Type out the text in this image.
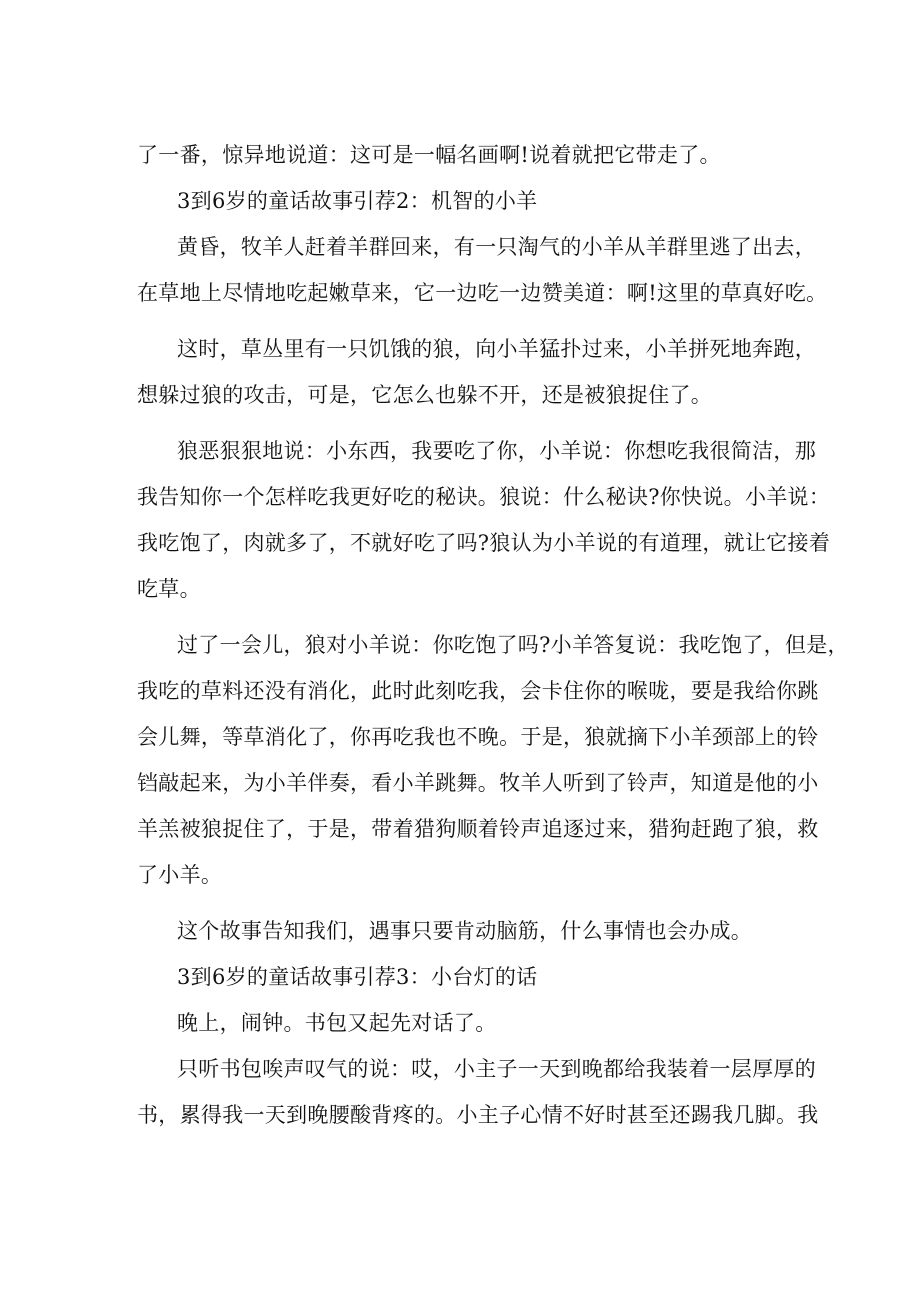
了一番，惊异地说道：这可是一幅名画啊!说着就把它带走了。
3到6岁的童话故事引荐2：机智的小羊
黄昏，牧羊人赶着羊群回来，有一只淘气的小羊从羊群里逃了出去，
在草地上尽情地吃起嫩草来，它一边吃一边赞美道：啊!这里的草真好吃。
这时，草丛里有一只饥饿的狼，向小羊猛扑过来，小羊拼死地奔跑，
想躲过狼的攻击，可是，它怎么也躲不开，还是被狼捉住了。
狼恶狠狠地说：小东西，我要吃了你，小羊说：你想吃我很简洁，那
我告知你一个怎样吃我更好吃的秘诀。狼说：什么秘诀?你快说。小羊说：
我吃饱了，肉就多了，不就好吃了吗?狼认为小羊说的有道理，就让它接着
吃草。
过了一会儿，狼对小羊说：你吃饱了吗?小羊答复说：我吃饱了，但是，
我吃的草料还没有消化，此时此刻吃我，会卡住你的喉咙，要是我给你跳
会儿舞，等草消化了，你再吃我也不晚。于是，狼就摘下小羊颈部上的铃
铛敲起来，为小羊伴奏，看小羊跳舞。牧羊人听到了铃声，知道是他的小
羊羔被狼捉住了，于是，带着猎狗顺着铃声追逐过来，猎狗赶跑了狼，救
了小羊。
这个故事告知我们，遇事只要肯动脑筋，什么事情也会办成。
3到6岁的童话故事引荐3：小台灯的话
晚上，闹钟。书包又起先对话了。
只听书包唉声叹气的说：哎，小主子一天到晚都给我装着一层厚厚的
书，累得我一天到晚腰酸背疼的。小主子心情不好时甚至还踢我几脚。我
